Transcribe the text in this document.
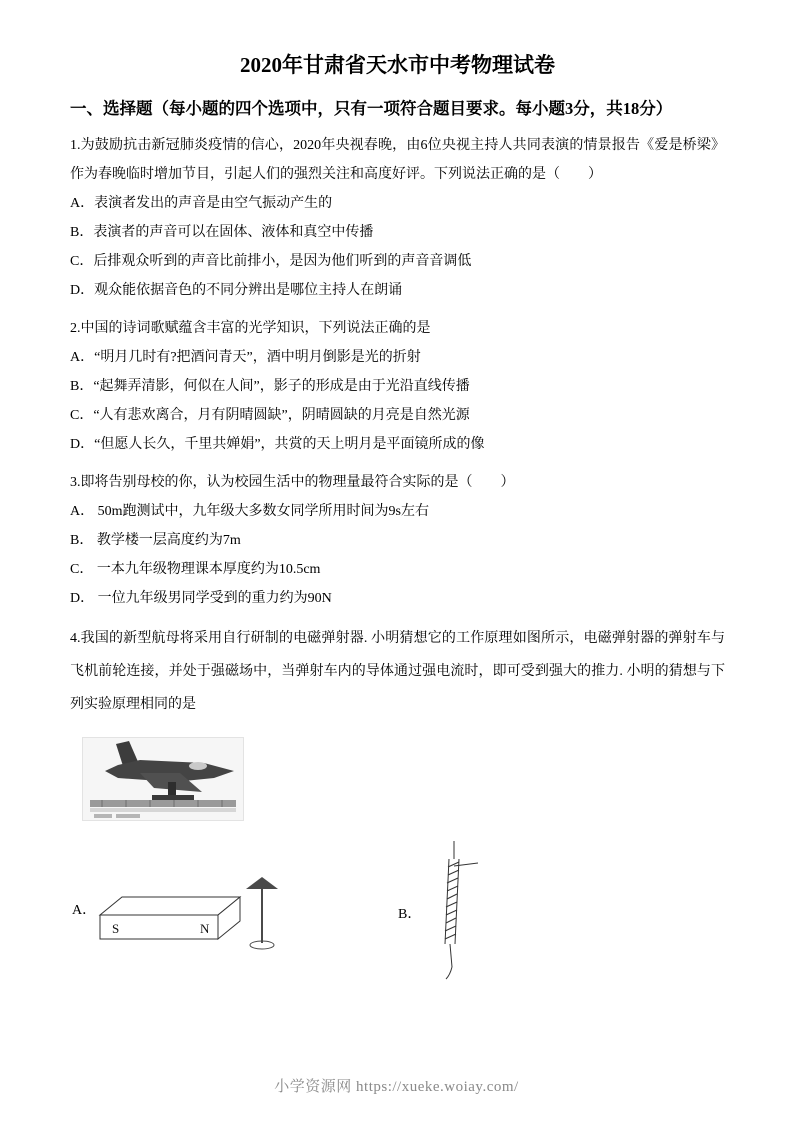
2020年甘肃省天水市中考物理试卷
一、选择题（每小题的四个选项中，只有一项符合题目要求。每小题3分，共18分）
1.为鼓励抗击新冠肺炎疫情的信心，2020年央视春晚，由6位央视主持人共同表演的情景报告《爱是桥梁》作为春晚临时增加节目，引起人们的强烈关注和高度好评。下列说法正确的是（　　）
A．表演者发出的声音是由空气振动产生的
B．表演者的声音可以在固体、液体和真空中传播
C．后排观众听到的声音比前排小，是因为他们听到的声音音调低
D．观众能依据音色的不同分辨出是哪位主持人在朗诵
2.中国的诗词歌赋蕴含丰富的光学知识，下列说法正确的是
A．“明月几时有?把酒问青天”，酒中明月倒影是光的折射
B．“起舞弄清影，何似在人间”，影子的形成是由于光沿直线传播
C．“人有悲欢离合，月有阴晴圆缺”，阴晴圆缺的月亮是自然光源
D．“但愿人长久，千里共婵娟”，共赏的天上明月是平面镜所成的像
3.即将告别母校的你，认为校园生活中的物理量最符合实际的是（　　）
A． 50m跑测试中，九年级大多数女同学所用时间为9s左右
B． 教学楼一层高度约为7m
C． 一本九年级物理课本厚度约为10.5cm
D． 一位九年级男同学受到的重力约为90N
4.我国的新型航母将采用自行研制的电磁弹射器. 小明猜想它的工作原理如图所示，电磁弹射器的弹射车与飞机前轮连接，并处于强磁场中，当弹射车内的导体通过强电流时，即可受到强大的推力. 小明的猜想与下列实验原理相同的是
A．
S	N
B．
小学资源网 https://xueke.woiay.com/
